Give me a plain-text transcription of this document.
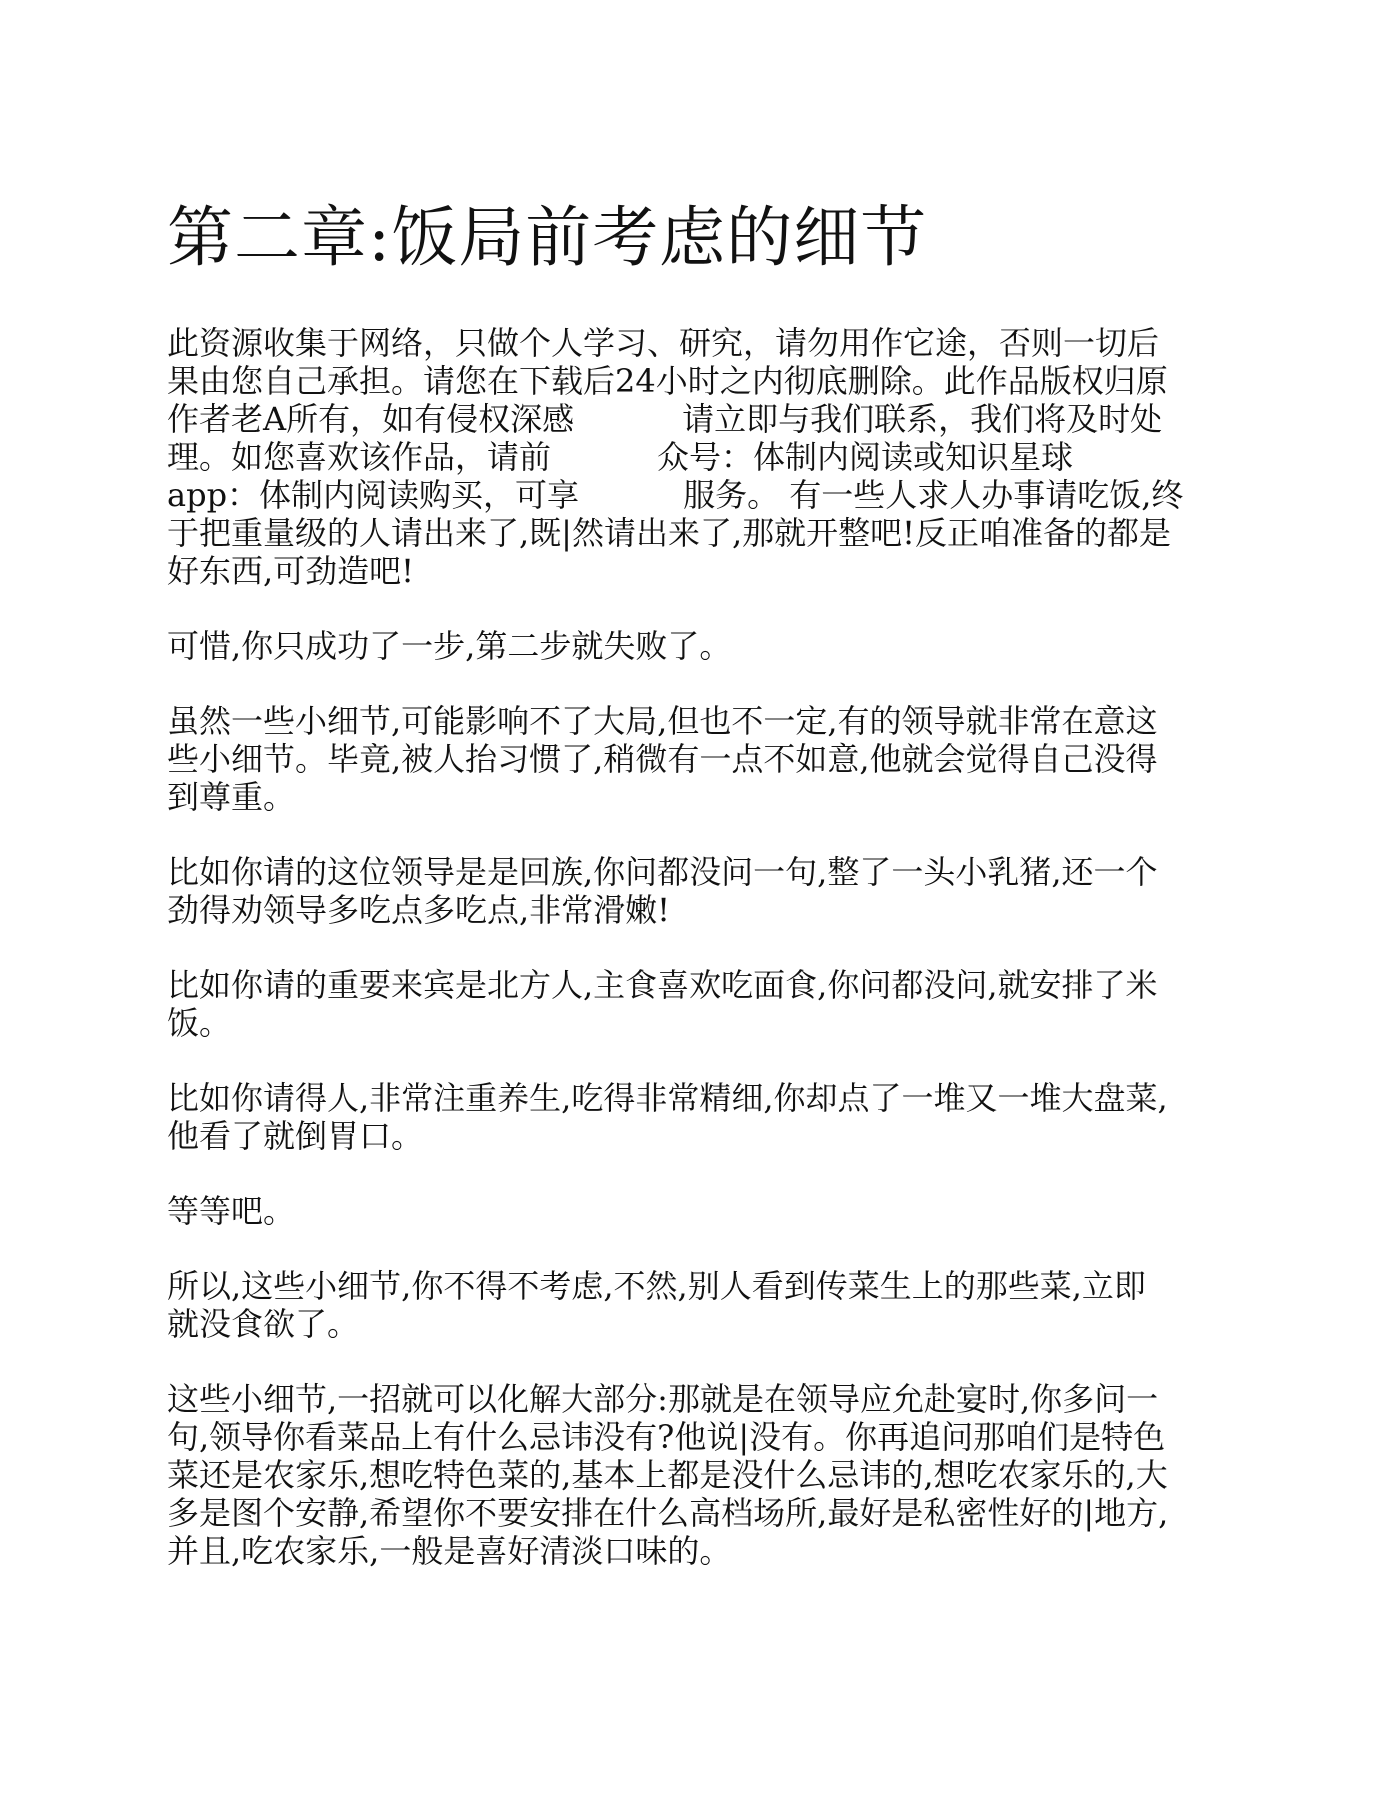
第二章:饭局前考虑的细节
此资源收集于网络，只做个人学习、研究，请勿用作它途，否则一切后
果由您自己承担。请您在下载后24小时之内彻底删除。此作品版权归原
作者老A所有，如有侵权深感	请立即与我们联系，我们将及时处
理。如您喜欢该作品，请前	众号：体制内阅读或知识星球
app：体制内阅读购买，可享	服务。 有一些人求人办事请吃饭,终
于把重量级的人请出来了,既|然请出来了,那就开整吧!反正咱准备的都是
好东西,可劲造吧!
可惜,你只成功了一步,第二步就失败了。
虽然一些小细节,可能影响不了大局,但也不一定,有的领导就非常在意这
些小细节。毕竟,被人抬习惯了,稍微有一点不如意,他就会觉得自己没得
到尊重。
比如你请的这位领导是是回族,你问都没问一句,整了一头小乳猪,还一个
劲得劝领导多吃点多吃点,非常滑嫩!
比如你请的重要来宾是北方人,主食喜欢吃面食,你问都没问,就安排了米
饭。
比如你请得人,非常注重养生,吃得非常精细,你却点了一堆又一堆大盘菜,
他看了就倒胃口。
等等吧。
所以,这些小细节,你不得不考虑,不然,别人看到传菜生上的那些菜,立即
就没食欲了。
这些小细节,一招就可以化解大部分:那就是在领导应允赴宴时,你多问一
句,领导你看菜品上有什么忌讳没有?他说|没有。你再追问那咱们是特色
菜还是农家乐,想吃特色菜的,基本上都是没什么忌讳的,想吃农家乐的,大
多是图个安静,希望你不要安排在什么高档场所,最好是私密性好的|地方,
并且,吃农家乐,一般是喜好清淡口味的。
